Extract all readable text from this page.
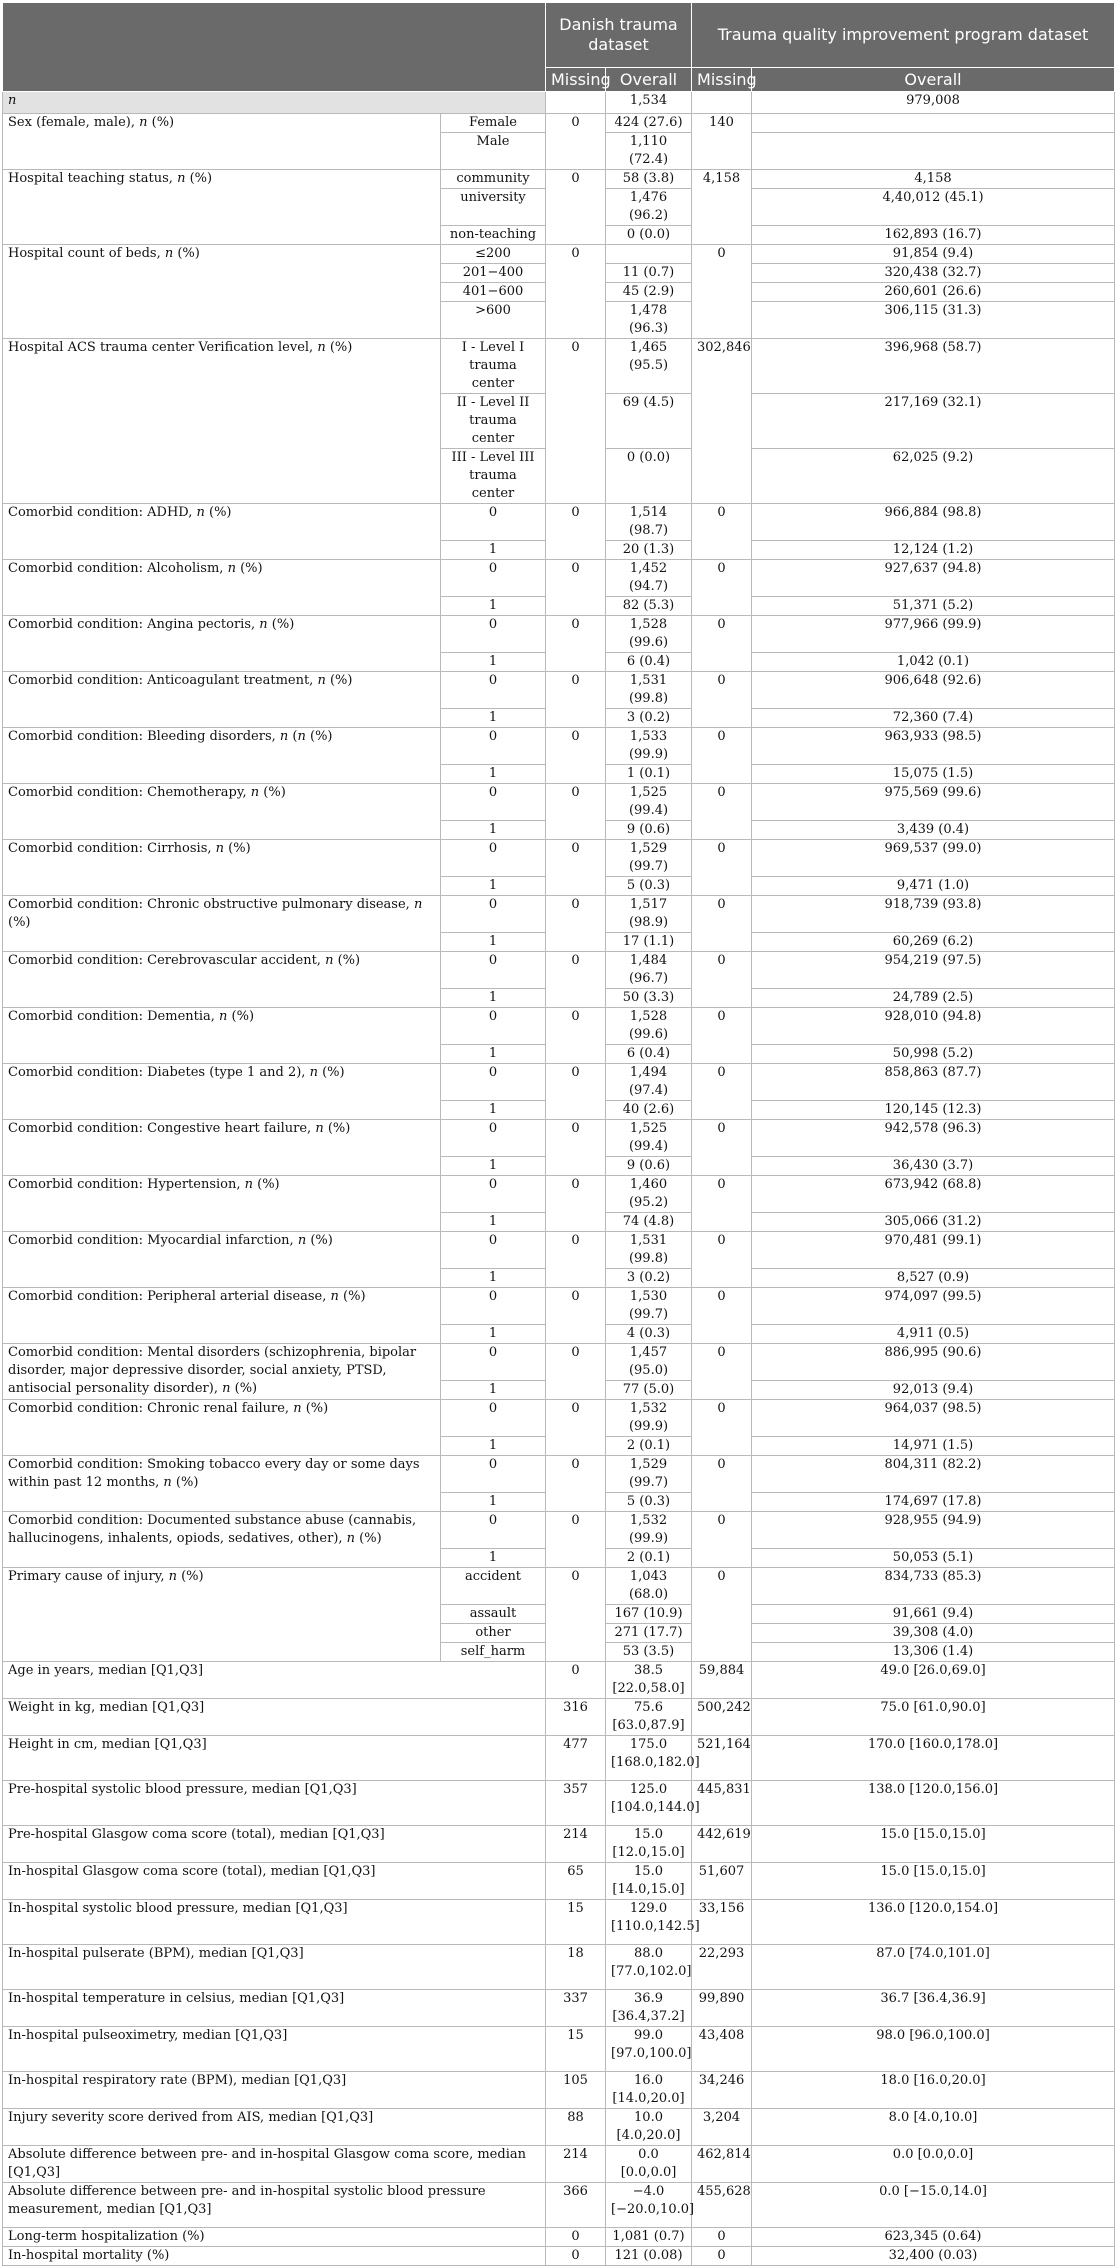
		Danish trauma dataset		Trauma quality improvement program dataset	
		Missing	Overall	Missing	Overall
n			1,534		979,008
Sex (female, male), n (%)	Female	0	424 (27.6)	140	
	Male		1,110 (72.4)		
Hospital teaching status, n (%)	community	0	58 (3.8)	4,158	4,158
	university		1,476 (96.2)		4,40,012 (45.1)
	non-teaching		0 (0.0)		162,893 (16.7)
Hospital count of beds, n (%)	≤200	0		0	91,854 (9.4)
	201−400		11 (0.7)		320,438 (32.7)
	401−600		45 (2.9)		260,601 (26.6)
	>600		1,478 (96.3)		306,115 (31.3)
Hospital ACS trauma center Verification level, n (%)	I - Level I trauma center	0	1,465 (95.5)	302,846	396,968 (58.7)
	II - Level II trauma center		69 (4.5)		217,169 (32.1)
	III - Level III trauma center		0 (0.0)		62,025 (9.2)
Comorbid condition: ADHD, n (%)	0	0	1,514 (98.7)	0	966,884 (98.8)
	1		20 (1.3)		12,124 (1.2)
Comorbid condition: Alcoholism, n (%)	0	0	1,452 (94.7)	0	927,637 (94.8)
	1		82 (5.3)		51,371 (5.2)
Comorbid condition: Angina pectoris, n (%)	0	0	1,528 (99.6)	0	977,966 (99.9)
	1		6 (0.4)		1,042 (0.1)
Comorbid condition: Anticoagulant treatment, n (%)	0	0	1,531 (99.8)	0	906,648 (92.6)
	1		3 (0.2)		72,360 (7.4)
Comorbid condition: Bleeding disorders, n (n (%)	0	0	1,533 (99.9)	0	963,933 (98.5)
	1		1 (0.1)		15,075 (1.5)
Comorbid condition: Chemotherapy, n (%)	0	0	1,525 (99.4)	0	975,569 (99.6)
	1		9 (0.6)		3,439 (0.4)
Comorbid condition: Cirrhosis, n (%)	0	0	1,529 (99.7)	0	969,537 (99.0)
	1		5 (0.3)		9,471 (1.0)
Comorbid condition: Chronic obstructive pulmonary disease, n (%)	0	0	1,517 (98.9)	0	918,739 (93.8)
	1		17 (1.1)		60,269 (6.2)
Comorbid condition: Cerebrovascular accident, n (%)	0	0	1,484 (96.7)	0	954,219 (97.5)
	1		50 (3.3)		24,789 (2.5)
Comorbid condition: Dementia, n (%)	0	0	1,528 (99.6)	0	928,010 (94.8)
	1		6 (0.4)		50,998 (5.2)
Comorbid condition: Diabetes (type 1 and 2), n (%)	0	0	1,494 (97.4)	0	858,863 (87.7)
	1		40 (2.6)		120,145 (12.3)
Comorbid condition: Congestive heart failure, n (%)	0	0	1,525 (99.4)	0	942,578 (96.3)
	1		9 (0.6)		36,430 (3.7)
Comorbid condition: Hypertension, n (%)	0	0	1,460 (95.2)	0	673,942 (68.8)
	1		74 (4.8)		305,066 (31.2)
Comorbid condition: Myocardial infarction, n (%)	0	0	1,531 (99.8)	0	970,481 (99.1)
	1		3 (0.2)		8,527 (0.9)
Comorbid condition: Peripheral arterial disease, n (%)	0	0	1,530 (99.7)	0	974,097 (99.5)
	1		4 (0.3)		4,911 (0.5)
Comorbid condition: Mental disorders (schizophrenia, bipolar disorder, major depressive disorder, social anxiety, PTSD, antisocial personality disorder), n (%)	0	0	1,457 (95.0)	0	886,995 (90.6)
	1		77 (5.0)		92,013 (9.4)
Comorbid condition: Chronic renal failure, n (%)	0	0	1,532 (99.9)	0	964,037 (98.5)
	1		2 (0.1)		14,971 (1.5)
Comorbid condition: Smoking tobacco every day or some days within past 12 months, n (%)	0	0	1,529 (99.7)	0	804,311 (82.2)
	1		5 (0.3)		174,697 (17.8)
Comorbid condition: Documented substance abuse (cannabis, hallucinogens, inhalents, opiods, sedatives, other), n (%)	0	0	1,532 (99.9)	0	928,955 (94.9)
	1		2 (0.1)		50,053 (5.1)
Primary cause of injury, n (%)	accident	0	1,043 (68.0)	0	834,733 (85.3)
	assault		167 (10.9)		91,661 (9.4)
	other		271 (17.7)		39,308 (4.0)
	self_harm		53 (3.5)		13,306 (1.4)
Age in years, median [Q1,Q3]		0	38.5 [22.0,58.0]	59,884	49.0 [26.0,69.0]
Weight in kg, median [Q1,Q3]		316	75.6 [63.0,87.9]	500,242	75.0 [61.0,90.0]
Height in cm, median [Q1,Q3]		477	175.0 [168.0,182.0]	521,164	170.0 [160.0,178.0]
Pre-hospital systolic blood pressure, median [Q1,Q3]		357	125.0 [104.0,144.0]	445,831	138.0 [120.0,156.0]
Pre-hospital Glasgow coma score (total), median [Q1,Q3]		214	15.0 [12.0,15.0]	442,619	15.0 [15.0,15.0]
In-hospital Glasgow coma score (total), median [Q1,Q3]		65	15.0 [14.0,15.0]	51,607	15.0 [15.0,15.0]
In-hospital systolic blood pressure, median [Q1,Q3]		15	129.0 [110.0,142.5]	33,156	136.0 [120.0,154.0]
In-hospital pulserate (BPM), median [Q1,Q3]		18	88.0 [77.0,102.0]	22,293	87.0 [74.0,101.0]
In-hospital temperature in celsius, median [Q1,Q3]		337	36.9 [36.4,37.2]	99,890	36.7 [36.4,36.9]
In-hospital pulseoximetry, median [Q1,Q3]		15	99.0 [97.0,100.0]	43,408	98.0 [96.0,100.0]
In-hospital respiratory rate (BPM), median [Q1,Q3]		105	16.0 [14.0,20.0]	34,246	18.0 [16.0,20.0]
Injury severity score derived from AIS, median [Q1,Q3]		88	10.0 [4.0,20.0]	3,204	8.0 [4.0,10.0]
Absolute difference between pre- and in-hospital Glasgow coma score, median [Q1,Q3]		214	0.0 [0.0,0.0]	462,814	0.0 [0.0,0.0]
Absolute difference between pre- and in-hospital systolic blood pressure measurement, median [Q1,Q3]		366	−4.0 [−20.0,10.0]	455,628	0.0 [−15.0,14.0]
Long-term hospitalization (%)		0	1,081 (0.7)	0	623,345 (0.64)
In-hospital mortality (%)		0	121 (0.08)	0	32,400 (0.03)
